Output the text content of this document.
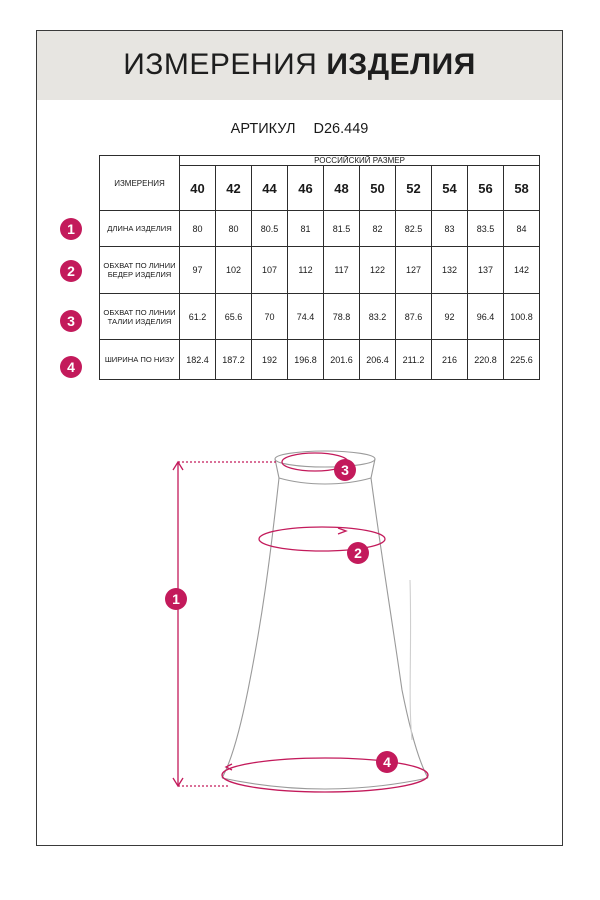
ИЗМЕРЕНИЯ ИЗДЕЛИЯ
АРТИКУЛ D26.449
ИЗМЕРЕНИЯ	РОССИЙСКИЙ РАЗМЕР									
	40	42	44	46	48	50	52	54	56	58
ДЛИНА ИЗДЕЛИЯ	80	80	80.5	81	81.5	82	82.5	83	83.5	84
ОБХВАТ ПО ЛИНИИ БЕДЕР ИЗДЕЛИЯ	97	102	107	112	117	122	127	132	137	142
ОБХВАТ ПО ЛИНИИ ТАЛИИ ИЗДЕЛИЯ	61.2	65.6	70	74.4	78.8	83.2	87.6	92	96.4	100.8
ШИРИНА ПО НИЗУ	182.4	187.2	192	196.8	201.6	206.4	211.2	216	220.8	225.6
1
2
3
4
1
2
3
4
